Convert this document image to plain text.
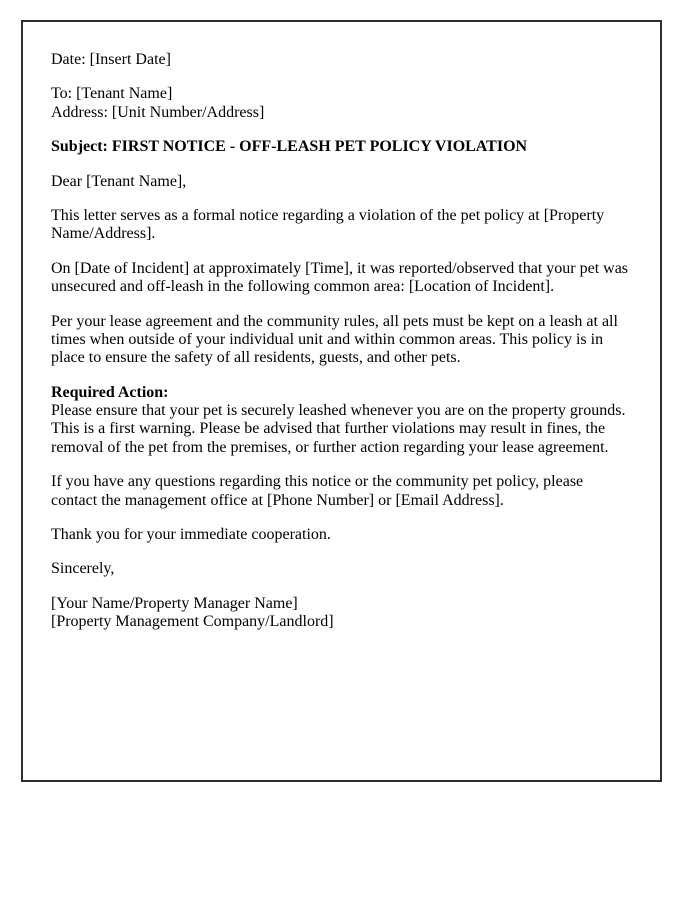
Date: [Insert Date]

To: [Tenant Name]
Address: [Unit Number/Address]

Subject: FIRST NOTICE - OFF-LEASH PET POLICY VIOLATION

Dear [Tenant Name],

This letter serves as a formal notice regarding a violation of the pet policy at [Property Name/Address].

On [Date of Incident] at approximately [Time], it was reported/observed that your pet was unsecured and off-leash in the following common area: [Location of Incident].

Per your lease agreement and the community rules, all pets must be kept on a leash at all times when outside of your individual unit and within common areas. This policy is in place to ensure the safety of all residents, guests, and other pets.

Required Action:
Please ensure that your pet is securely leashed whenever you are on the property grounds. This is a first warning. Please be advised that further violations may result in fines, the removal of the pet from the premises, or further action regarding your lease agreement.

If you have any questions regarding this notice or the community pet policy, please contact the management office at [Phone Number] or [Email Address].

Thank you for your immediate cooperation.

Sincerely,

[Your Name/Property Manager Name]
[Property Management Company/Landlord]
